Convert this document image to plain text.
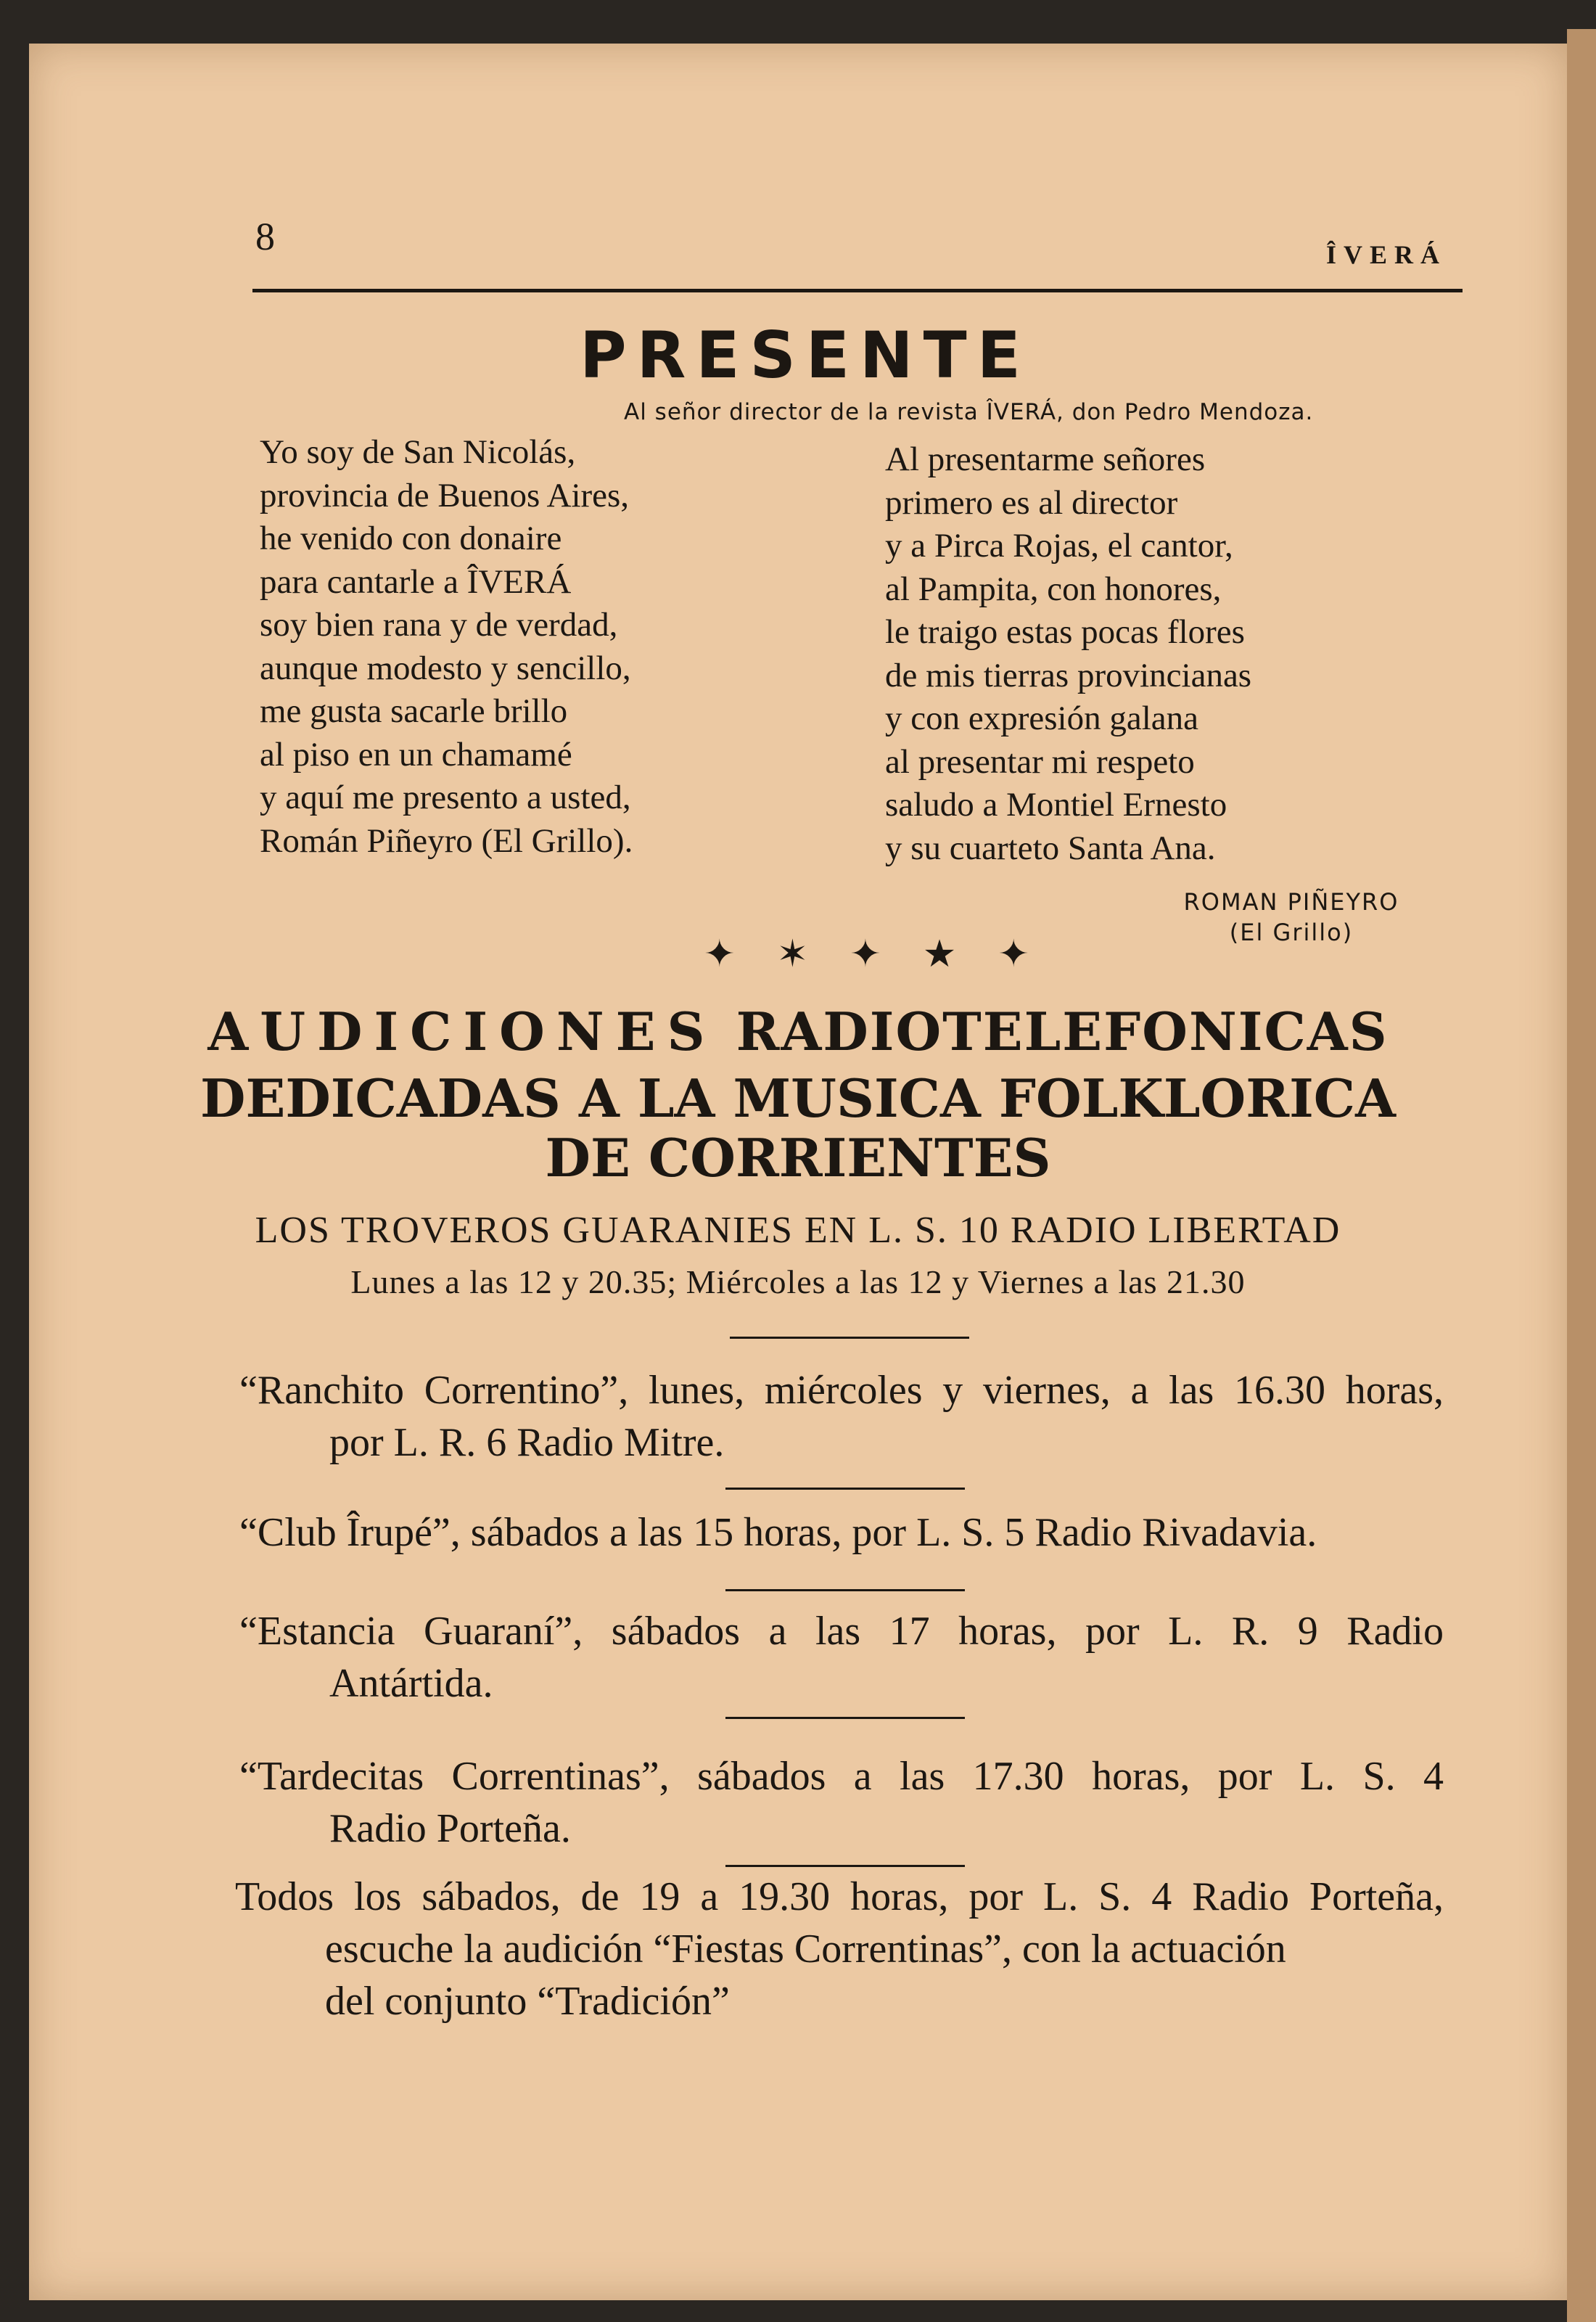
8	ÎVERÁ
PRESENTE
Al señor director de la revista ÎVERÁ, don Pedro Mendoza.
Yo soy de San Nicolás,
provincia de Buenos Aires,
he venido con donaire
para cantarle a ÎVERÁ
soy bien rana y de verdad,
aunque modesto y sencillo,
me gusta sacarle brillo
al piso en un chamamé
y aquí me presento a usted,
Román Piñeyro (El Grillo).
Al presentarme señores
primero es al director
y a Pirca Rojas, el cantor,
al Pampita, con honores,
le traigo estas pocas flores
de mis tierras provincianas
y con expresión galana
al presentar mi respeto
saludo a Montiel Ernesto
y su cuarteto Santa Ana.
ROMAN PIÑEYRO
(El Grillo)
✦ ✶ ✦ ★ ✦
AUDICIONES RADIOTELEFONICAS
DEDICADAS A LA MUSICA FOLKLORICA
DE CORRIENTES
LOS TROVEROS GUARANIES EN L. S. 10 RADIO LIBERTAD
Lunes a las 12 y 20.35; Miércoles a las 12 y Viernes a las 21.30

“Ranchito Correntino”, lunes, miércoles y viernes, a las 16.30 horas,

por L. R. 6 Radio Mitre.

“Club Îrupé”, sábados a las 15 horas, por L. S. 5 Radio Rivadavia.

“Estancia Guaraní”, sábados a las 17 horas, por L. R. 9 Radio

Antártida.

“Tardecitas Correntinas”, sábados a las 17.30 horas, por L. S. 4

Radio Porteña.

Todos los sábados, de 19 a 19.30 horas, por L. S. 4 Radio Porteña,

escuche la audición “Fiestas Correntinas”, con la actuación
del conjunto “Tradición”
